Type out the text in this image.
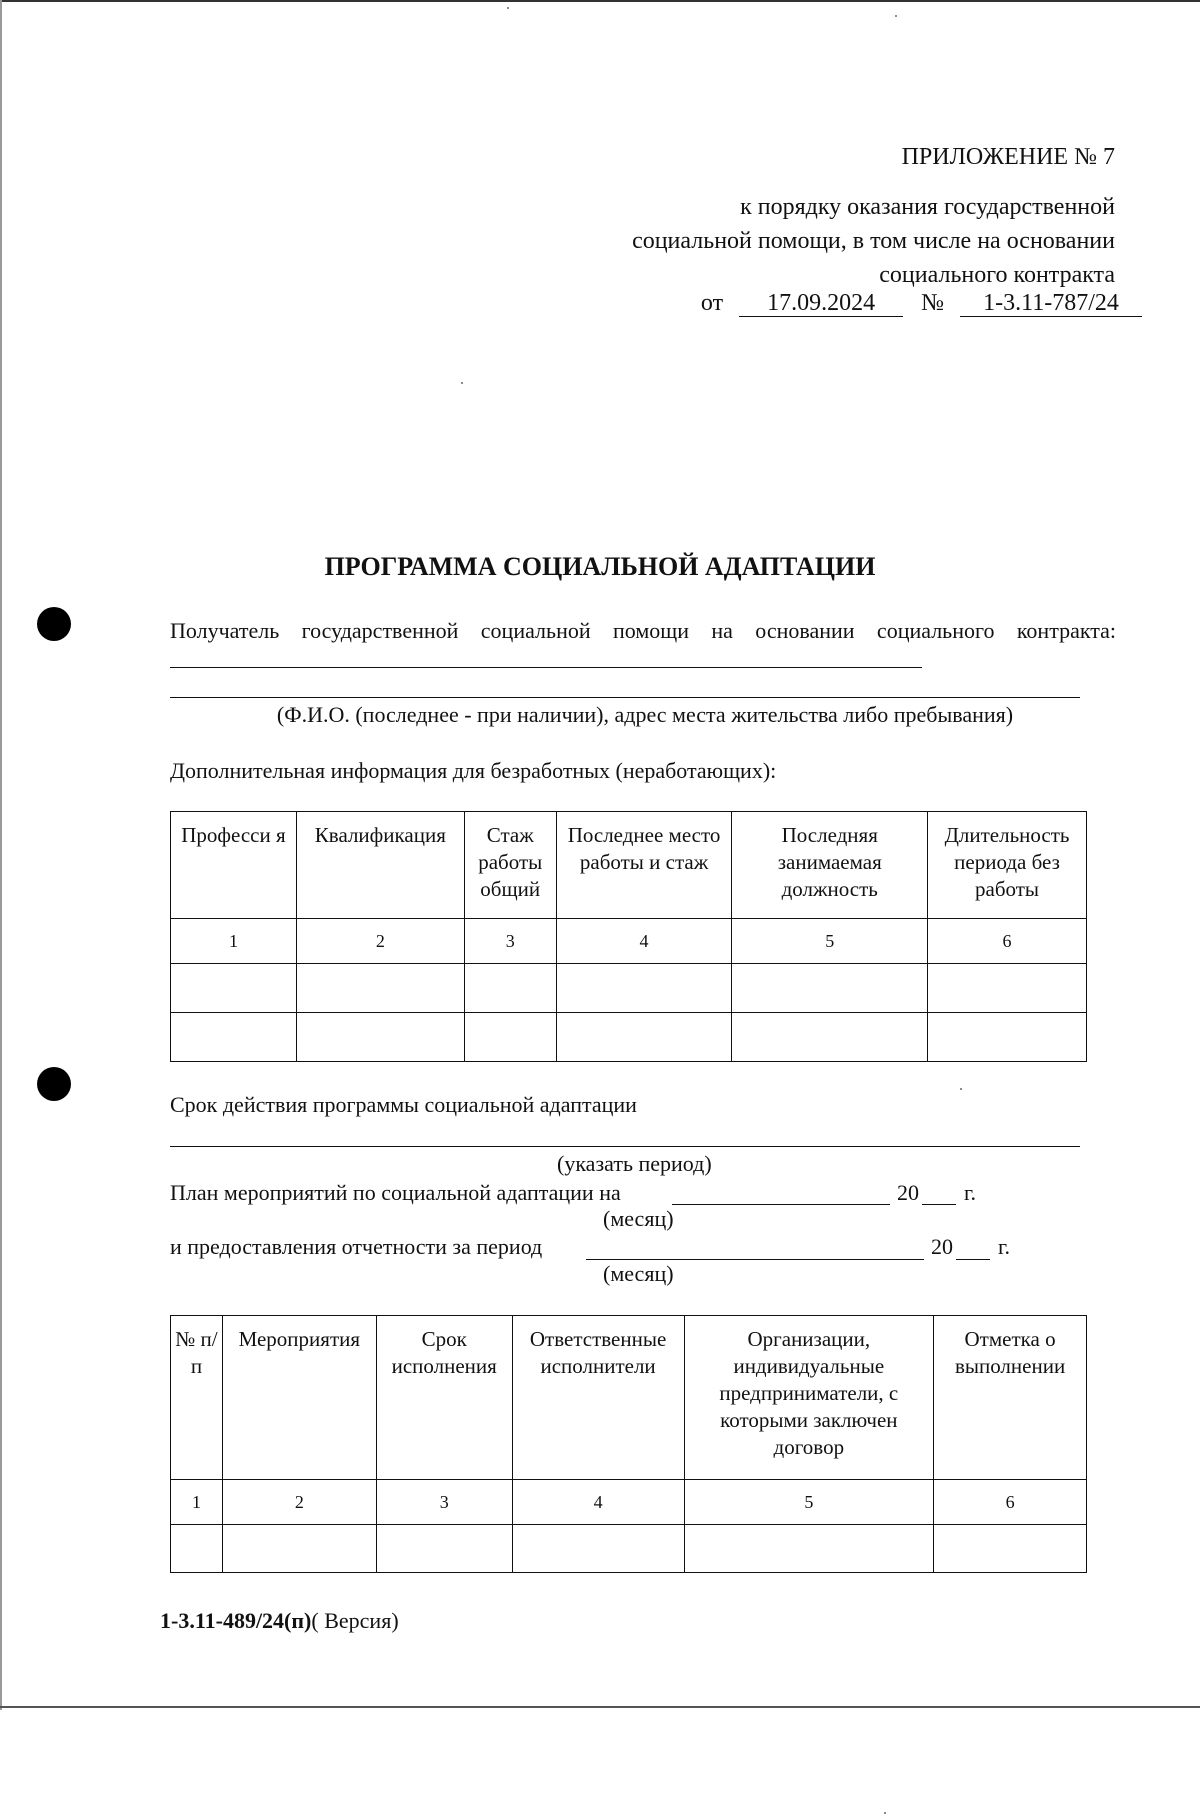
ПРИЛОЖЕНИЕ № 7
к порядку оказания государственной
социальной помощи, в том числе на основании
социального контракта
от 17.09.2024 № 1-3.11-787/24
ПРОГРАММА СОЦИАЛЬНОЙ АДАПТАЦИИ
Получатель государственной социальной помощи на основании социального контракта:
(Ф.И.О. (последнее - при наличии), адрес места жительства либо пребывания)
Дополнительная информация для безработных (неработающих):
Професси я	Квалификация	Стаж работы общий	Последнее место работы и стаж	Последняя занимаемая должность	Длительность периода без работы
1	2	3	4	5	6

Срок действия программы социальной адаптации
(указать период)
План мероприятий по социальной адаптации на	20 г.
(месяц)
и предоставления отчетности за период	20 г.
(месяц)
№ п/п	Мероприятия	Срок исполнения	Ответственные исполнители	Организации, индивидуальные предприниматели, с которыми заключен договор	Отметка о выполнении
1	2	3	4	5	6

1-3.11-489/24(п)( Версия)
